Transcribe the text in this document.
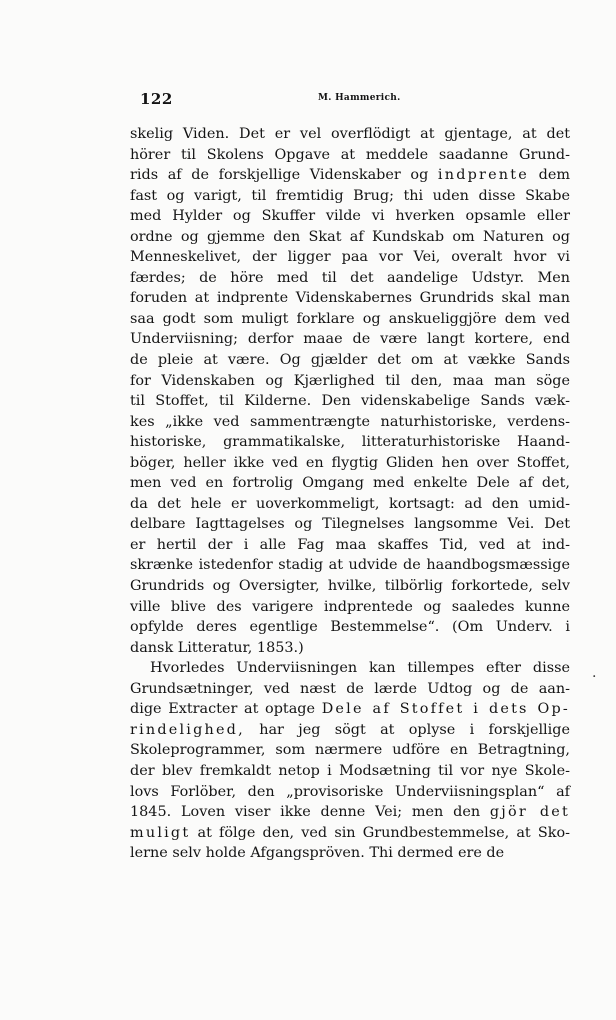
122	M. Hammerich.
skelig Viden. Det er vel overflödigt at gjentage, at det
hörer til Skolens Opgave at meddele saadanne Grund-
rids af de forskjellige Videnskaber og indprente dem
fast og varigt, til fremtidig Brug; thi uden disse Skabe
med Hylder og Skuffer vilde vi hverken opsamle eller
ordne og gjemme den Skat af Kundskab om Naturen og
Menneskelivet, der ligger paa vor Vei, overalt hvor vi
færdes; de höre med til det aandelige Udstyr. Men
foruden at indprente Videnskabernes Grundrids skal man
saa godt som muligt forklare og anskueliggjöre dem ved
Underviisning; derfor maae de være langt kortere, end
de pleie at være. Og gjælder det om at vække Sands
for Videnskaben og Kjærlighed til den, maa man söge
til Stoffet, til Kilderne. Den videnskabelige Sands væk-
kes „ikke ved sammentrængte naturhistoriske, verdens-
historiske, grammatikalske, litteraturhistoriske Haand-
böger, heller ikke ved en flygtig Gliden hen over Stoffet,
men ved en fortrolig Omgang med enkelte Dele af det,
da det hele er uoverkommeligt, kortsagt: ad den umid-
delbare Iagttagelses og Tilegnelses langsomme Vei. Det
er hertil der i alle Fag maa skaffes Tid, ved at ind-
skrænke istedenfor stadig at udvide de haandbogsmæssige
Grundrids og Oversigter, hvilke, tilbörlig forkortede, selv
ville blive des varigere indprentede og saaledes kunne
opfylde deres egentlige Bestemmelse“. (Om Underv. i
dansk Litteratur, 1853.)
Hvorledes Underviisningen kan tillempes efter disse
Grundsætninger, ved næst de lærde Udtog og de aan-
dige Extracter at optage Dele af Stoffet i dets Op-
rindelighed, har jeg sögt at oplyse i forskjellige
Skoleprogrammer, som nærmere udföre en Betragtning,
der blev fremkaldt netop i Modsætning til vor nye Skole-
lovs Forlöber, den „provisoriske Underviisningsplan“ af
1845. Loven viser ikke denne Vei; men den gjör det
muligt at fölge den, ved sin Grundbestemmelse, at Sko-
lerne selv holde Afgangspröven. Thi dermed ere de
.
